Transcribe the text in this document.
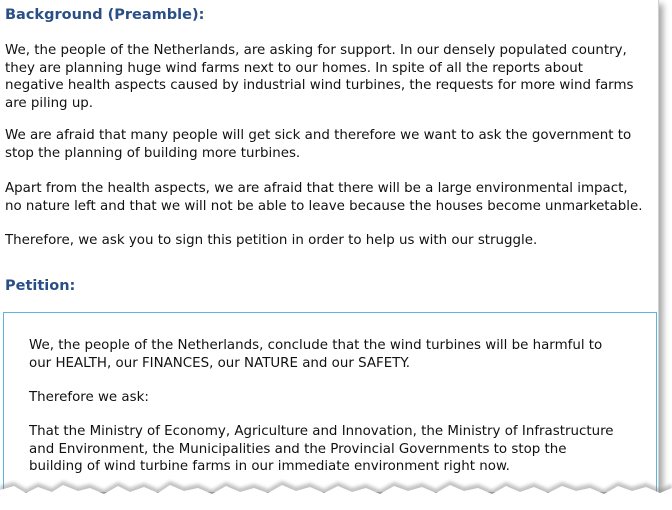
Background (Preamble):

We, the people of the Netherlands, are asking for support. In our densely populated country,
they are planning huge wind farms next to our homes. In spite of all the reports about
negative health aspects caused by industrial wind turbines, the requests for more wind farms
are piling up.

We are afraid that many people will get sick and therefore we want to ask the government to
stop the planning of building more turbines.

Apart from the health aspects, we are afraid that there will be a large environmental impact,
no nature left and that we will not be able to leave because the houses become unmarketable.

Therefore, we ask you to sign this petition in order to help us with our struggle.

Petition:

We, the people of the Netherlands, conclude that the wind turbines will be harmful to
our HEALTH, our FINANCES, our NATURE and our SAFETY.

Therefore we ask:

That the Ministry of Economy, Agriculture and Innovation, the Ministry of Infrastructure
and Environment, the Municipalities and the Provincial Governments to stop the
building of wind turbine farms in our immediate environment right now.
